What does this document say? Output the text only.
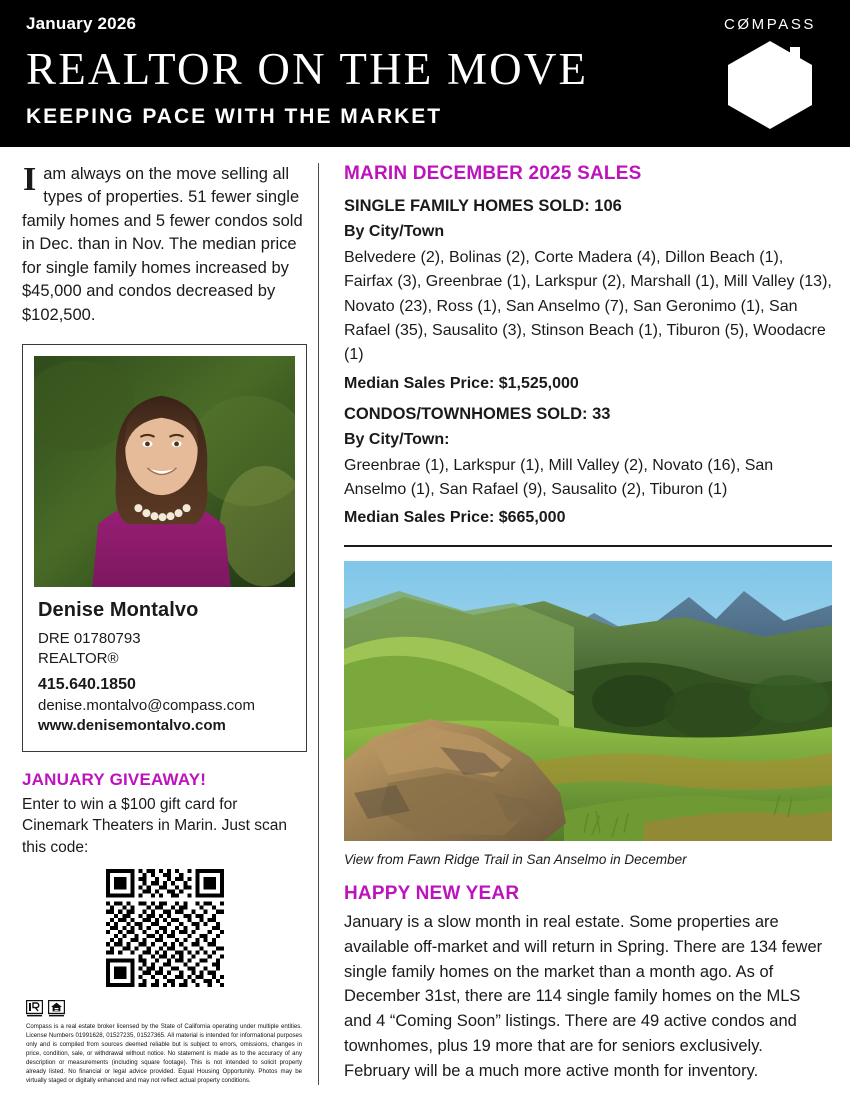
January 2026
REALTOR ON THE MOVE
KEEPING PACE WITH THE MARKET
CØMPASS

I am always on the move selling all types of properties. 51 fewer single family homes and 5 fewer condos sold in Dec. than in Nov. The median price for single family homes increased by $45,000 and condos decreased by $102,500.

Denise Montalvo
DRE 01780793
REALTOR®
415.640.1850
denise.montalvo@compass.com
www.denisemontalvo.com
JANUARY GIVEAWAY!
Enter to win a $100 gift card for Cinemark Theaters in Marin. Just scan this code:
Compass is a real estate broker licensed by the State of California operating under multiple entities. License Numbers 01991628, 01527235, 01527365. All material is intended for informational purposes only and is compiled from sources deemed reliable but is subject to errors, omissions, changes in price, condition, sale, or withdrawal without notice. No statement is made as to the accuracy of any description or measurements (including square footage). This is not intended to solicit property already listed. No financial or legal advice provided. Equal Housing Opportunity. Photos may be virtually staged or digitally enhanced and may not reflect actual property conditions.
MARIN DECEMBER 2025 SALES
SINGLE FAMILY HOMES SOLD: 106
By City/Town
Belvedere (2), Bolinas (2), Corte Madera (4), Dillon Beach (1), Fairfax (3), Greenbrae (1), Larkspur (2), Marshall (1), Mill Valley (13), Novato (23), Ross (1), San Anselmo (7), San Geronimo (1), San Rafael (35), Sausalito (3), Stinson Beach (1), Tiburon (5), Woodacre (1)
Median Sales Price: $1,525,000
CONDOS/TOWNHOMES SOLD: 33
By City/Town:
Greenbrae (1), Larkspur (1), Mill Valley (2), Novato (16), San Anselmo (1), San Rafael (9), Sausalito (2), Tiburon (1)
Median Sales Price: $665,000
View from Fawn Ridge Trail in San Anselmo in December
HAPPY NEW YEAR
January is a slow month in real estate. Some properties are available off-market and will return in Spring. There are 134 fewer single family homes on the market than a month ago. As of December 31st, there are 114 single family homes on the MLS and 4 “Coming Soon” listings. There are 49 active condos and townhomes, plus 19 more that are for seniors exclusively. February will be a much more active month for inventory.
